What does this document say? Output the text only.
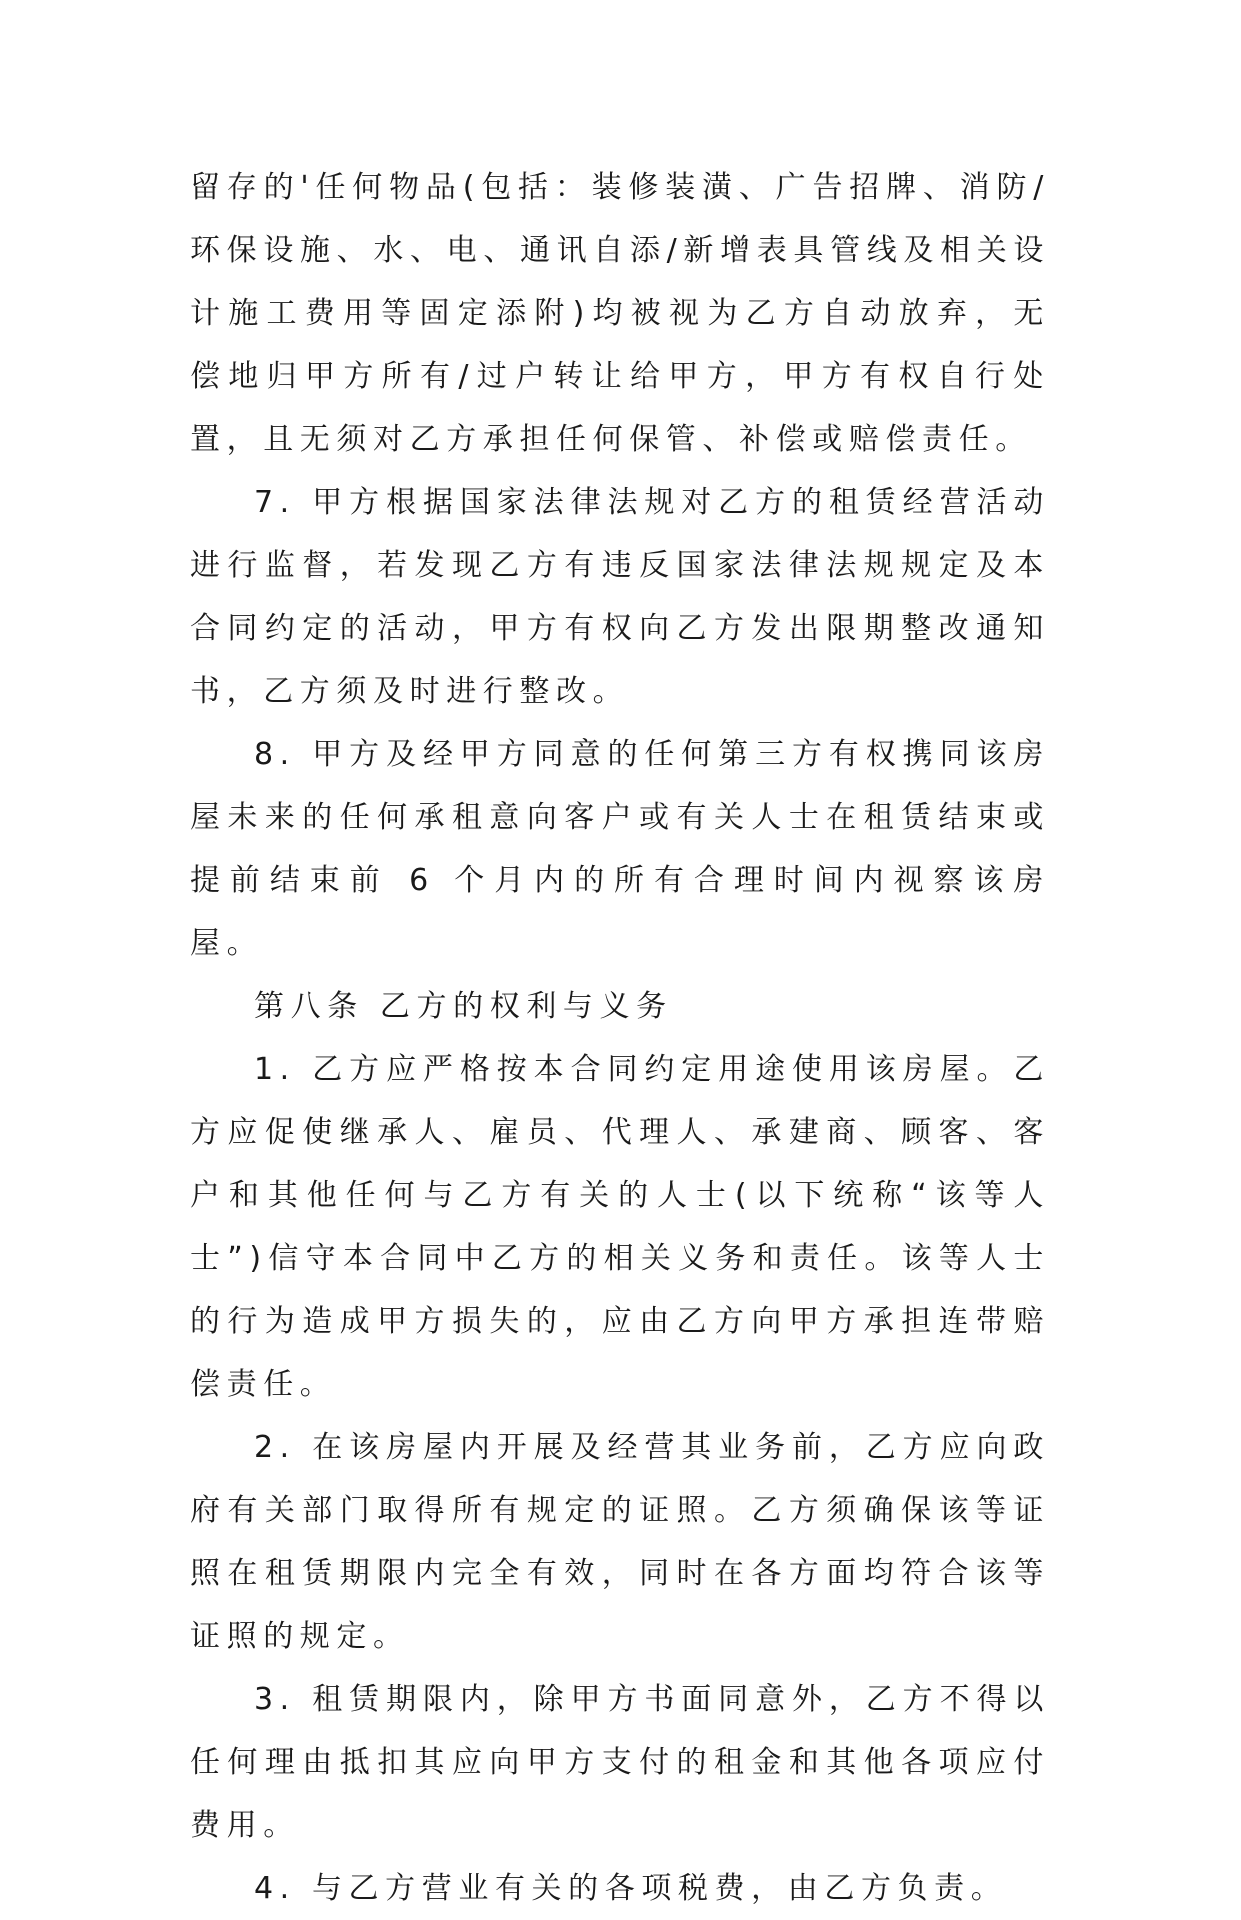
留存的'任何物品(包括：装修装潢、广告招牌、消防/环保设施、水、电、通讯自添/新增表具管线及相关设计施工费用等固定添附)均被视为乙方自动放弃，无偿地归甲方所有/过户转让给甲方，甲方有权自行处置，且无须对乙方承担任何保管、补偿或赔偿责任。

7. 甲方根据国家法律法规对乙方的租赁经营活动进行监督，若发现乙方有违反国家法律法规规定及本合同约定的活动，甲方有权向乙方发出限期整改通知书，乙方须及时进行整改。

8. 甲方及经甲方同意的任何第三方有权携同该房屋未来的任何承租意向客户或有关人士在租赁结束或提前结束前 6 个月内的所有合理时间内视察该房屋。

第八条 乙方的权利与义务

1. 乙方应严格按本合同约定用途使用该房屋。乙方应促使继承人、雇员、代理人、承建商、顾客、客户和其他任何与乙方有关的人士(以下统称“该等人士”)信守本合同中乙方的相关义务和责任。该等人士的行为造成甲方损失的，应由乙方向甲方承担连带赔偿责任。

2. 在该房屋内开展及经营其业务前，乙方应向政府有关部门取得所有规定的证照。乙方须确保该等证照在租赁期限内完全有效，同时在各方面均符合该等证照的规定。

3. 租赁期限内，除甲方书面同意外，乙方不得以任何理由抵扣其应向甲方支付的租金和其他各项应付费用。

4. 与乙方营业有关的各项税费，由乙方负责。
